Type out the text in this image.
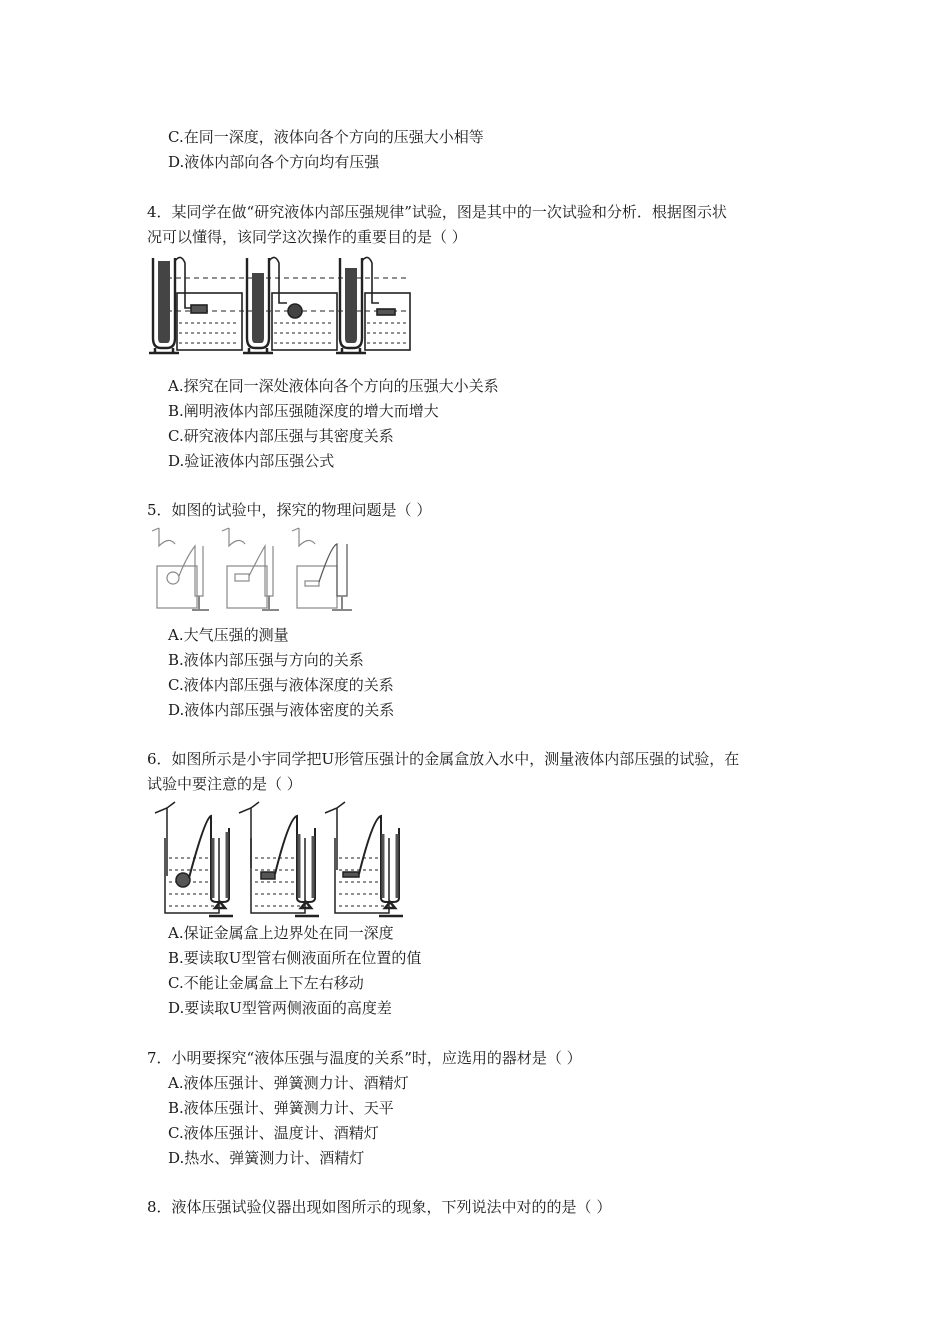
C.在同一深度，液体向各个方向的压强大小相等
D.液体内部向各个方向均有压强
4．某同学在做“研究液体内部压强规律”试验，图是其中的一次试验和分析．根据图示状
况可以懂得，该同学这次操作的重要目的是（ ）
A.探究在同一深处液体向各个方向的压强大小关系
B.阐明液体内部压强随深度的增大而增大
C.研究液体内部压强与其密度关系
D.验证液体内部压强公式
5．如图的试验中，探究的物理问题是（ ）
A.大气压强的测量
B.液体内部压强与方向的关系
C.液体内部压强与液体深度的关系
D.液体内部压强与液体密度的关系
6．如图所示是小宇同学把U形管压强计的金属盒放入水中，测量液体内部压强的试验，在
试验中要注意的是（ ）
A.保证金属盒上边界处在同一深度
B.要读取U型管右侧液面所在位置的值
C.不能让金属盒上下左右移动
D.要读取U型管两侧液面的高度差
7．小明要探究“液体压强与温度的关系”时，应选用的器材是（ ）
A.液体压强计、弹簧测力计、酒精灯
B.液体压强计、弹簧测力计、天平
C.液体压强计、温度计、酒精灯
D.热水、弹簧测力计、酒精灯
8．液体压强试验仪器出现如图所示的现象，下列说法中对的的是（ ）
